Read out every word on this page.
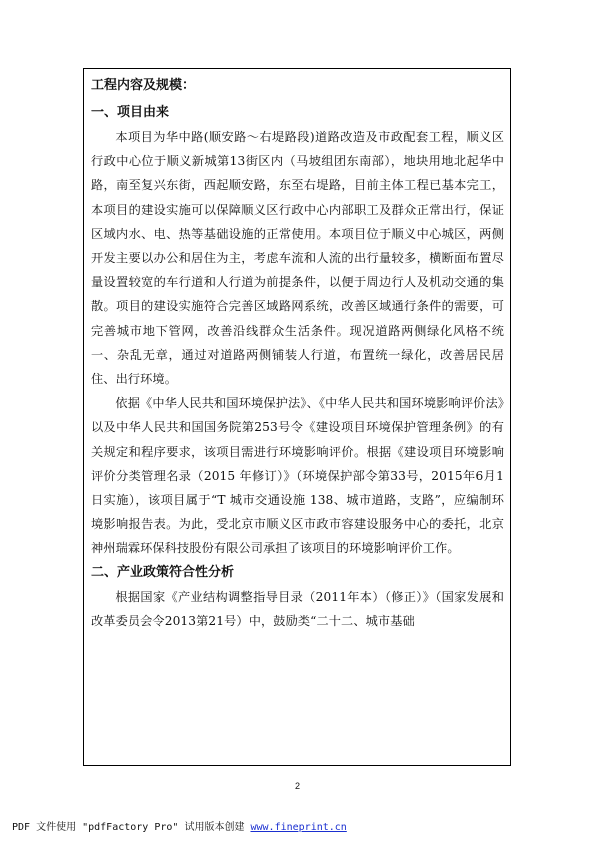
工程内容及规模：

一、项目由来

本项目为华中路(顺安路～右堤路段)道路改造及市政配套工程，顺义区行政中心位于顺义新城第13街区内（马坡组团东南部），地块用地北起华中路，南至复兴东街，西起顺安路，东至右堤路，目前主体工程已基本完工，本项目的建设实施可以保障顺义区行政中心内部职工及群众正常出行，保证区域内水、电、热等基础设施的正常使用。本项目位于顺义中心城区，两侧开发主要以办公和居住为主，考虑车流和人流的出行量较多，横断面布置尽量设置较宽的车行道和人行道为前提条件，以便于周边行人及机动交通的集散。项目的建设实施符合完善区域路网系统，改善区域通行条件的需要，可完善城市地下管网，改善沿线群众生活条件。现况道路两侧绿化风格不统一、杂乱无章，通过对道路两侧铺装人行道，布置统一绿化，改善居民居住、出行环境。

依据《中华人民共和国环境保护法》、《中华人民共和国环境影响评价法》以及中华人民共和国国务院第253号令《建设项目环境保护管理条例》的有关规定和程序要求，该项目需进行环境影响评价。根据《建设项目环境影响评价分类管理名录（2015 年修订）》（环境保护部令第33号，2015年6月1日实施），该项目属于“T 城市交通设施 138、城市道路，支路”，应编制环境影响报告表。为此，受北京市顺义区市政市容建设服务中心的委托，北京神州瑞霖环保科技股份有限公司承担了该项目的环境影响评价工作。

二、产业政策符合性分析

根据国家《产业结构调整指导目录（2011年本）（修正）》（国家发展和改革委员会令2013第21号）中，鼓励类“二十二、城市基础

2
PDF 文件使用 "pdfFactory Pro" 试用版本创建 www.fineprint.cn
